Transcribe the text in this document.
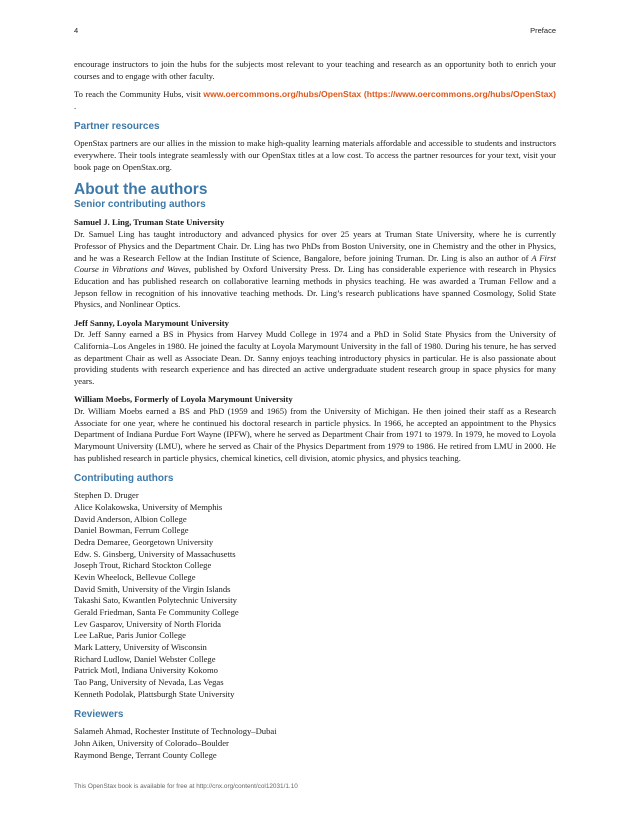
4	Preface

encourage instructors to join the hubs for the subjects most relevant to your teaching and research as an opportunity both to enrich your courses and to engage with other faculty.

To reach the Community Hubs, visit www.oercommons.org/hubs/OpenStax (https://www.oercommons.org/hubs/OpenStax) .

Partner resources

OpenStax partners are our allies in the mission to make high-quality learning materials affordable and accessible to students and instructors everywhere. Their tools integrate seamlessly with our OpenStax titles at a low cost. To access the partner resources for your text, visit your book page on OpenStax.org.

About the authors
Senior contributing authors
Samuel J. Ling, Truman State University

Dr. Samuel Ling has taught introductory and advanced physics for over 25 years at Truman State University, where he is currently Professor of Physics and the Department Chair. Dr. Ling has two PhDs from Boston University, one in Chemistry and the other in Physics, and he was a Research Fellow at the Indian Institute of Science, Bangalore, before joining Truman. Dr. Ling is also an author of A First Course in Vibrations and Waves, published by Oxford University Press. Dr. Ling has considerable experience with research in Physics Education and has published research on collaborative learning methods in physics teaching. He was awarded a Truman Fellow and a Jepson fellow in recognition of his innovative teaching methods. Dr. Ling’s research publications have spanned Cosmology, Solid State Physics, and Nonlinear Optics.

Jeff Sanny, Loyola Marymount University

Dr. Jeff Sanny earned a BS in Physics from Harvey Mudd College in 1974 and a PhD in Solid State Physics from the University of California–Los Angeles in 1980. He joined the faculty at Loyola Marymount University in the fall of 1980. During his tenure, he has served as department Chair as well as Associate Dean. Dr. Sanny enjoys teaching introductory physics in particular. He is also passionate about providing students with research experience and has directed an active undergraduate student research group in space physics for many years.

William Moebs, Formerly of Loyola Marymount University

Dr. William Moebs earned a BS and PhD (1959 and 1965) from the University of Michigan. He then joined their staff as a Research Associate for one year, where he continued his doctoral research in particle physics. In 1966, he accepted an appointment to the Physics Department of Indiana Purdue Fort Wayne (IPFW), where he served as Department Chair from 1971 to 1979. In 1979, he moved to Loyola Marymount University (LMU), where he served as Chair of the Physics Department from 1979 to 1986. He retired from LMU in 2000. He has published research in particle physics, chemical kinetics, cell division, atomic physics, and physics teaching.

Contributing authors
Stephen D. Druger
Alice Kolakowska, University of Memphis
David Anderson, Albion College
Daniel Bowman, Ferrum College
Dedra Demaree, Georgetown University
Edw. S. Ginsberg, University of Massachusetts
Joseph Trout, Richard Stockton College
Kevin Wheelock, Bellevue College
David Smith, University of the Virgin Islands
Takashi Sato, Kwantlen Polytechnic University
Gerald Friedman, Santa Fe Community College
Lev Gasparov, University of North Florida
Lee LaRue, Paris Junior College
Mark Lattery, University of Wisconsin
Richard Ludlow, Daniel Webster College
Patrick Motl, Indiana University Kokomo
Tao Pang, University of Nevada, Las Vegas
Kenneth Podolak, Plattsburgh State University
Reviewers
Salameh Ahmad, Rochester Institute of Technology–Dubai
John Aiken, University of Colorado–Boulder
Raymond Benge, Terrant County College
This OpenStax book is available for free at http://cnx.org/content/col12031/1.10
